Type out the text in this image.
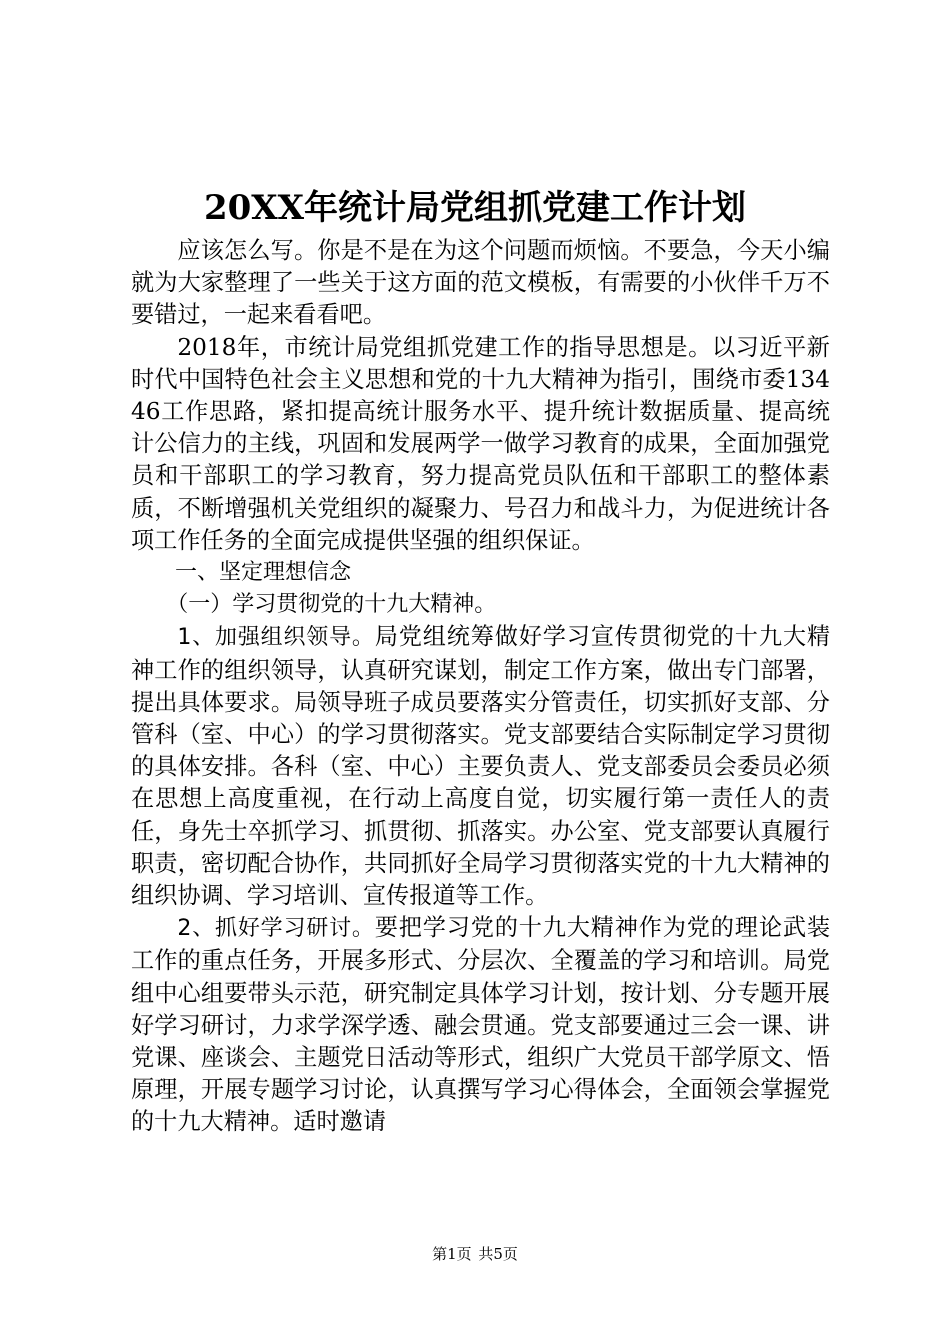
20XX年统计局党组抓党建工作计划

应该怎么写。你是不是在为这个问题而烦恼。不要急，今天小编就为大家整理了一些关于这方面的范文模板，有需要的小伙伴千万不要错过，一起来看看吧。

2018年，市统计局党组抓党建工作的指导思想是。以习近平新时代中国特色社会主义思想和党的十九大精神为指引，围绕市委13446工作思路，紧扣提高统计服务水平、提升统计数据质量、提高统计公信力的主线，巩固和发展两学一做学习教育的成果，全面加强党员和干部职工的学习教育，努力提高党员队伍和干部职工的整体素质，不断增强机关党组织的凝聚力、号召力和战斗力，为促进统计各项工作任务的全面完成提供坚强的组织保证。

一、坚定理想信念

（一）学习贯彻党的十九大精神。

1、加强组织领导。局党组统筹做好学习宣传贯彻党的十九大精神工作的组织领导，认真研究谋划，制定工作方案，做出专门部署，提出具体要求。局领导班子成员要落实分管责任，切实抓好支部、分管科（室、中心）的学习贯彻落实。党支部要结合实际制定学习贯彻的具体安排。各科（室、中心）主要负责人、党支部委员会委员必须在思想上高度重视，在行动上高度自觉，切实履行第一责任人的责任，身先士卒抓学习、抓贯彻、抓落实。办公室、党支部要认真履行职责，密切配合协作，共同抓好全局学习贯彻落实党的十九大精神的组织协调、学习培训、宣传报道等工作。

2、抓好学习研讨。要把学习党的十九大精神作为党的理论武装工作的重点任务，开展多形式、分层次、全覆盖的学习和培训。局党组中心组要带头示范，研究制定具体学习计划，按计划、分专题开展好学习研讨，力求学深学透、融会贯通。党支部要通过三会一课、讲党课、座谈会、主题党日活动等形式，组织广大党员干部学原文、悟原理，开展专题学习讨论，认真撰写学习心得体会，全面领会掌握党的十九大精神。适时邀请

第1页 共5页
